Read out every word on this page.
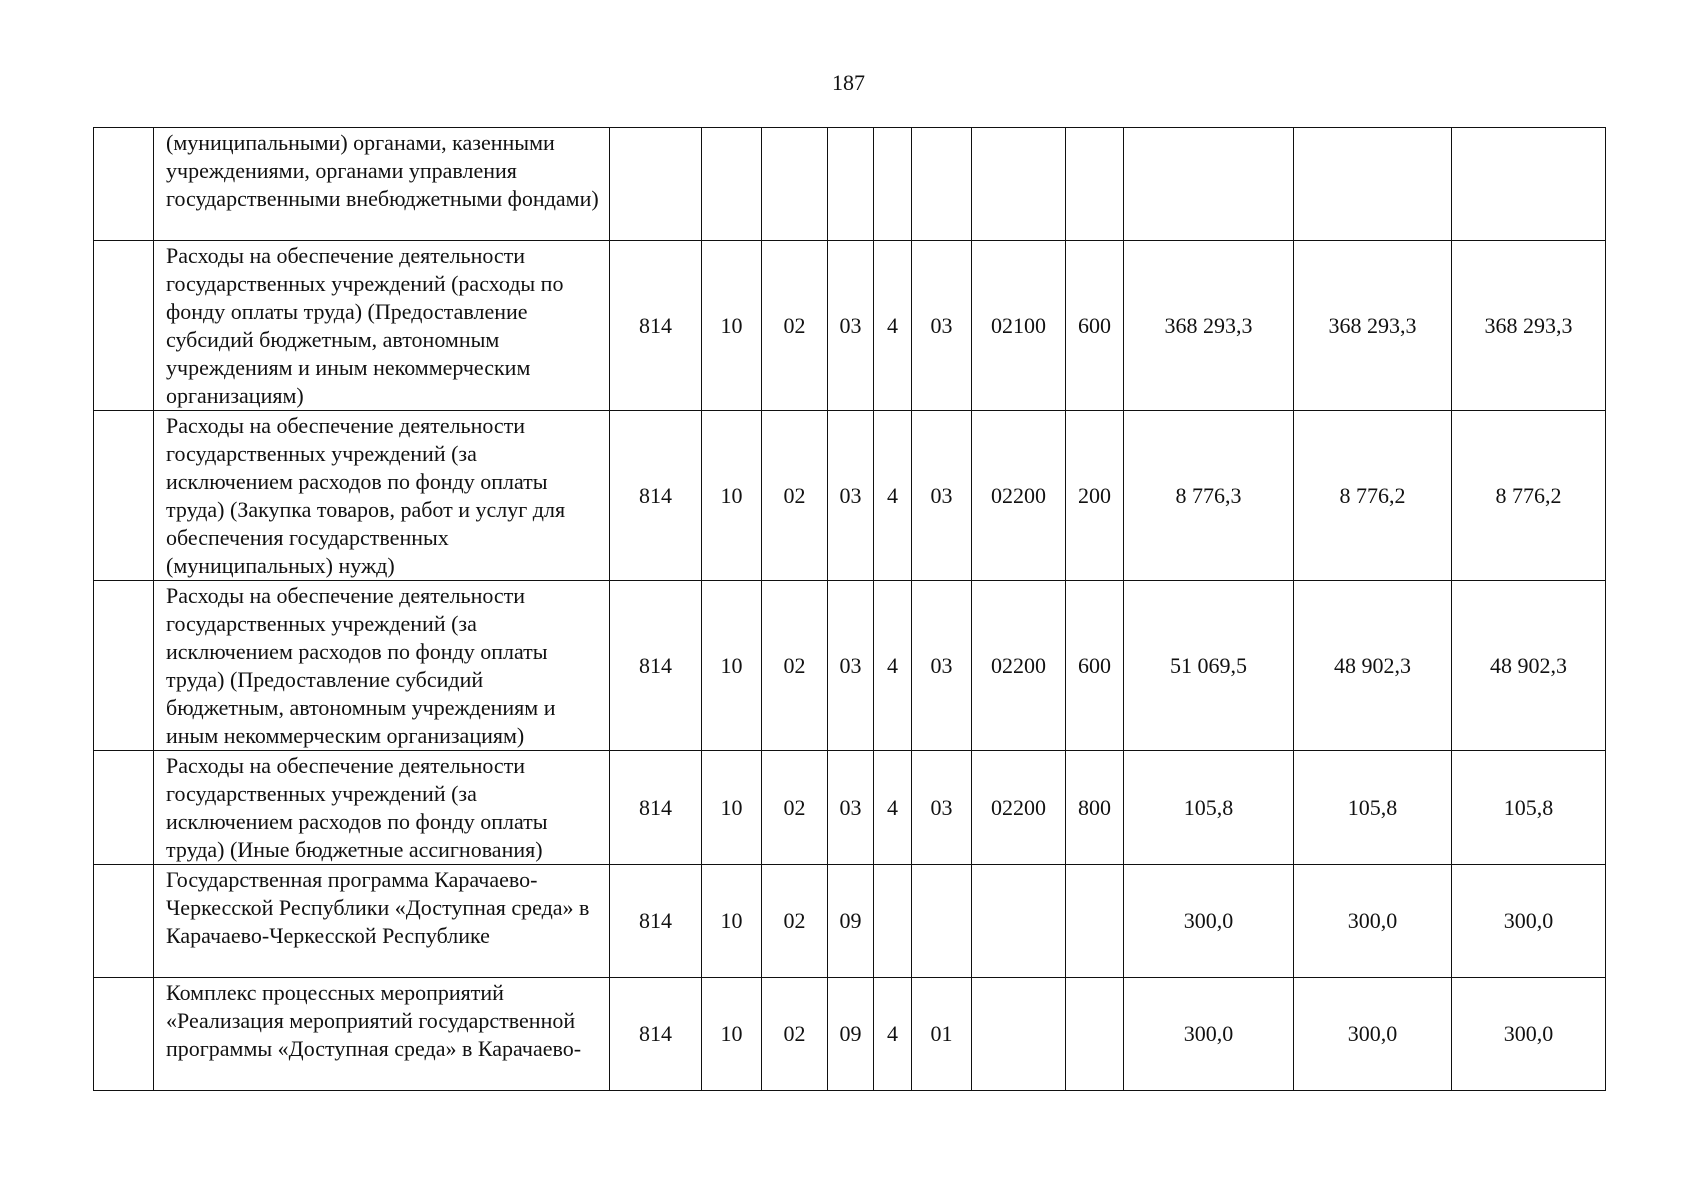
187
	(муниципальными) органами, казенными учреждениями, органами управления государственными внебюджетными фондами)											
	Расходы на обеспечение деятельности государственных учреждений (расходы по фонду оплаты труда) (Предоставление субсидий бюджетным, автономным учреждениям и иным некоммерческим организациям)	814	10	02	03	4	03	02100	600	368 293,3	368 293,3	368 293,3
	Расходы на обеспечение деятельности государственных учреждений (за исключением расходов по фонду оплаты труда) (Закупка товаров, работ и услуг для обеспечения государственных (муниципальных) нужд)	814	10	02	03	4	03	02200	200	8 776,3	8 776,2	8 776,2
	Расходы на обеспечение деятельности государственных учреждений (за исключением расходов по фонду оплаты труда) (Предоставление субсидий бюджетным, автономным учреждениям и иным некоммерческим организациям)	814	10	02	03	4	03	02200	600	51 069,5	48 902,3	48 902,3
	Расходы на обеспечение деятельности государственных учреждений (за исключением расходов по фонду оплаты труда) (Иные бюджетные ассигнования)	814	10	02	03	4	03	02200	800	105,8	105,8	105,8
	Государственная программа Карачаево-Черкесской Республики «Доступная среда» в Карачаево-Черкесской Республике	814	10	02	09					300,0	300,0	300,0
	Комплекс процессных мероприятий «Реализация мероприятий государственной программы «Доступная среда» в Карачаево-	814	10	02	09	4	01			300,0	300,0	300,0
